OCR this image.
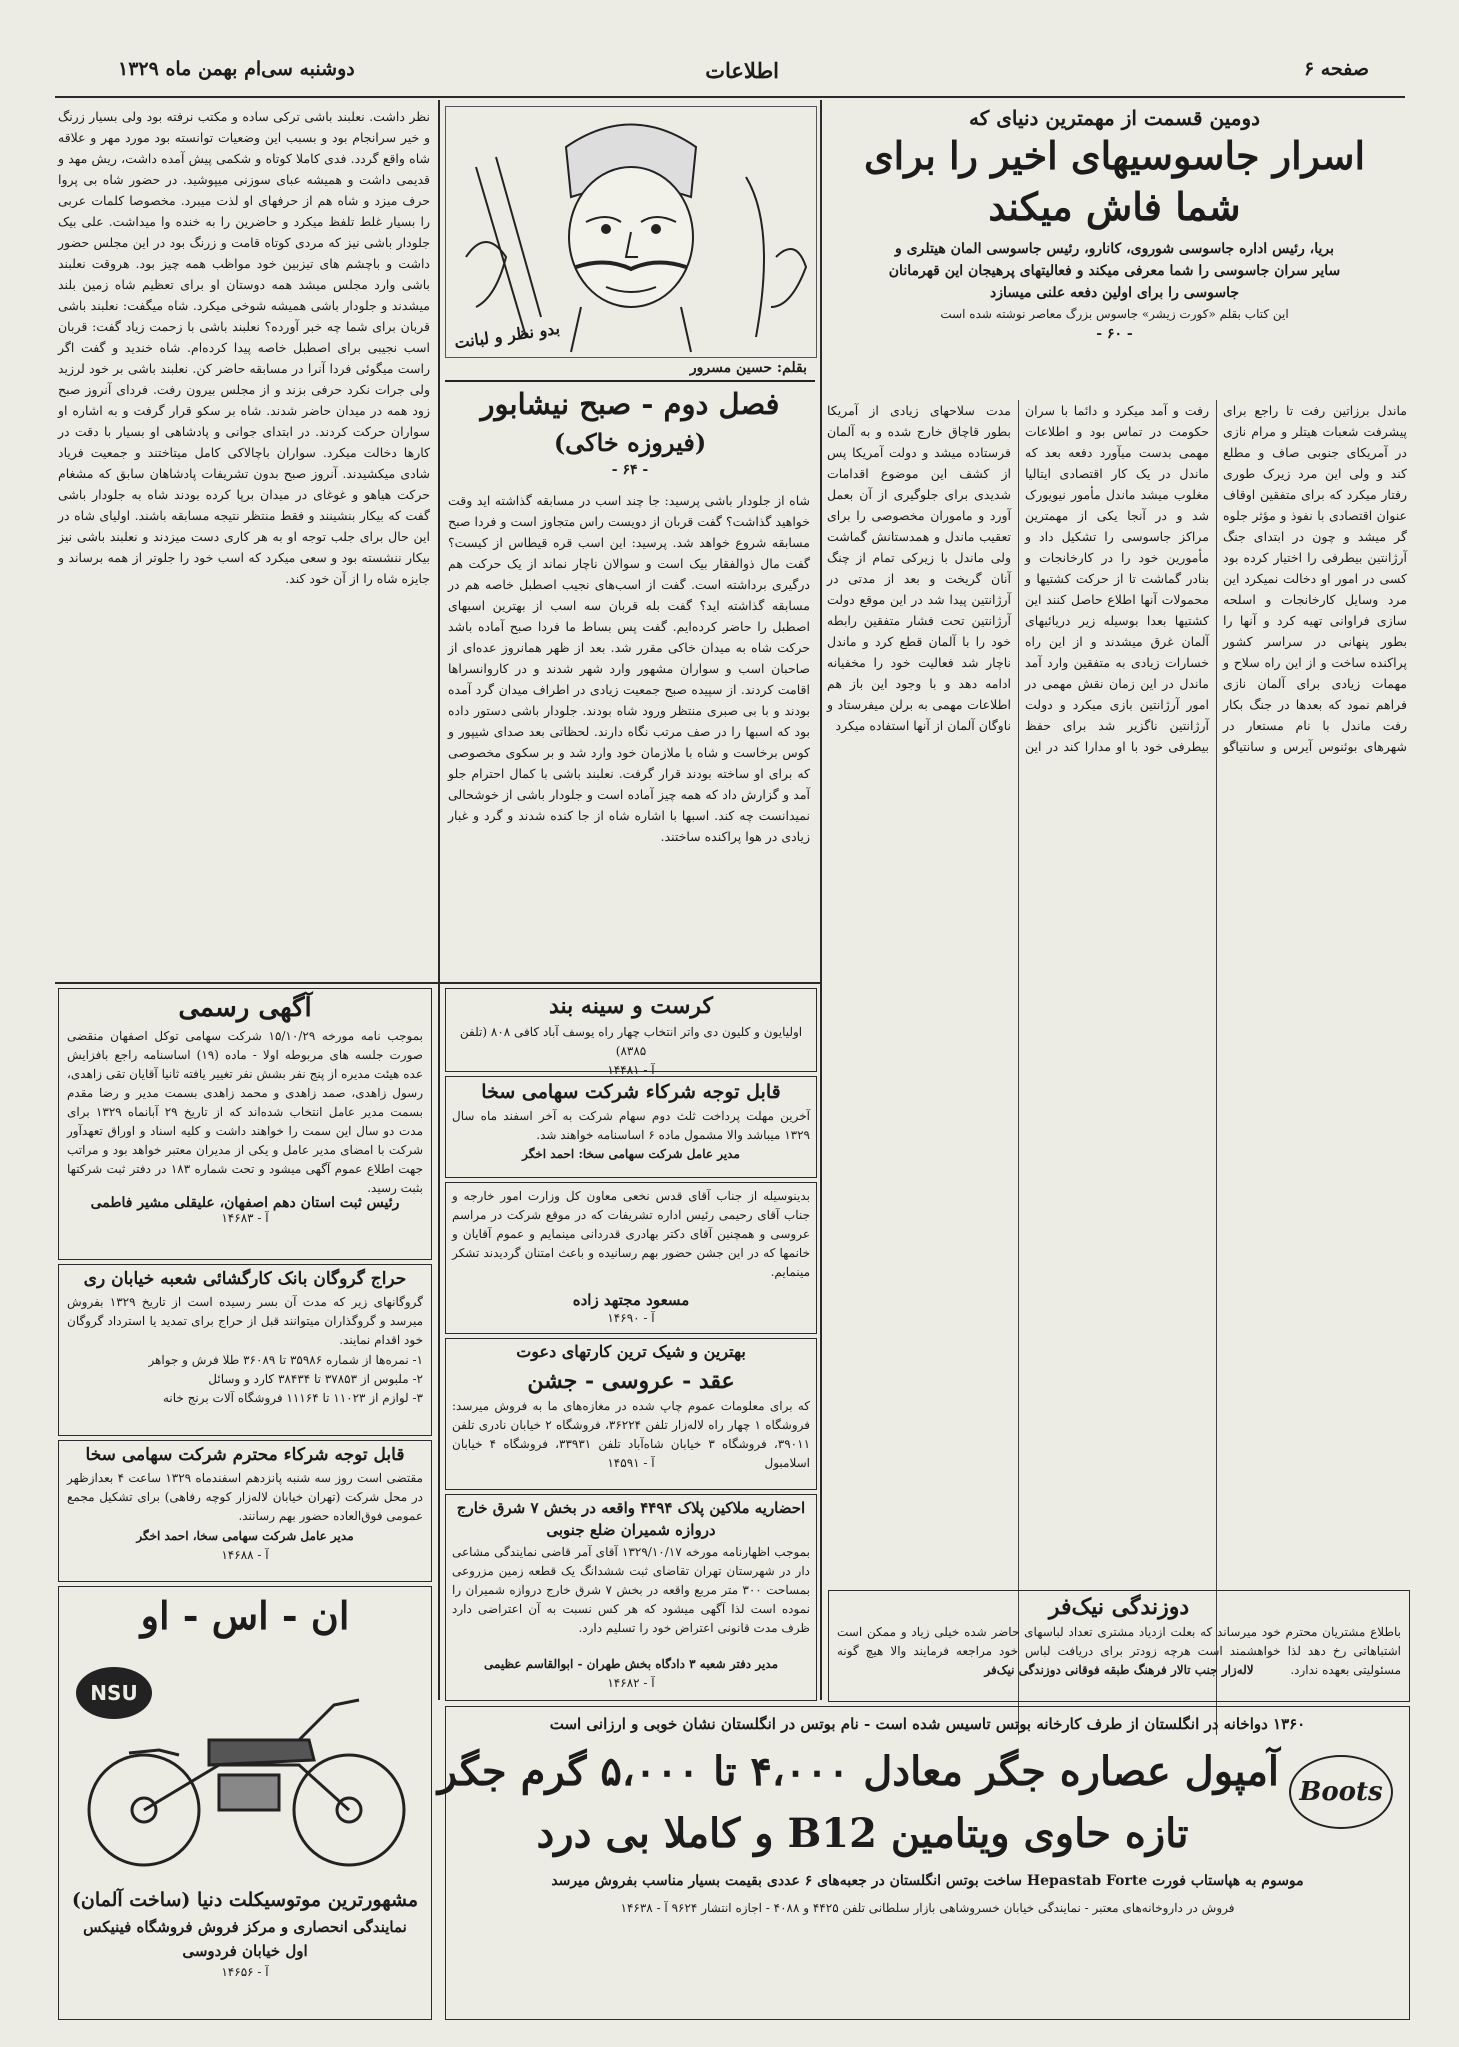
صفحه ۶
اطلاعات
دوشنبه سی‌ام بهمن ماه ۱۳۲۹
دومین قسمت از مهمترین دنیای که
اسرار جاسوسیهای اخیر را برای
شما فاش میکند
بریا، رئیس اداره جاسوسی شوروی، کانارو، رئیس جاسوسی المان هیتلری و
سایر سران جاسوسی را شما معرفی میکند و فعالیتهای پرهیجان این قهرمانان
جاسوسی را برای اولین دفعه علنی میسازد
این کتاب بقلم «کورت زیشر» جاسوس بزرگ معاصر نوشته شده است
- ۶۰ -
ماندل برزاتین رفت تا راجع برای پیشرفت شعبات هیتلر و مرام نازی در آمریکای جنوبی صاف و مطلع کند و ولی این مرد زیرک طوری رفتار میکرد که برای متفقین اوقاف عنوان اقتصادی با نفوذ و مؤثر جلوه گر میشد و چون در ابتدای جنگ آرژانتین بیطرفی را اختیار کرده بود کسی در امور او دخالت نمیکرد این مرد وسایل کارخانجات و اسلحه سازی فراوانی تهیه کرد و آنها را بطور پنهانی در سراسر کشور پراکنده ساخت و از این راه سلاح و مهمات زیادی برای آلمان نازی فراهم نمود که بعدها در جنگ بکار رفت ماندل با نام مستعار در شهرهای بوئنوس آیرس و سانتیاگو رفت و آمد میکرد و دائما با سران حکومت در تماس بود و اطلاعات مهمی بدست میآورد دفعه بعد که ماندل در یک کار اقتصادی ایتالیا مغلوب میشد ماندل مأمور نیویورک شد و در آنجا یکی از مهمترین مراکز جاسوسی را تشکیل داد و مأمورین خود را در کارخانجات و بنادر گماشت تا از حرکت کشتیها و محمولات آنها اطلاع حاصل کنند این کشتیها بعدا بوسیله زیر دریائیهای آلمان غرق میشدند و از این راه خسارات زیادی به متفقین وارد آمد ماندل در این زمان نقش مهمی در امور آرژانتین بازی میکرد و دولت آرژانتین ناگزیر شد برای حفظ بیطرفی خود با او مدارا کند در این مدت سلاحهای زیادی از آمریکا بطور قاچاق خارج شده و به آلمان فرستاده میشد و دولت آمریکا پس از کشف این موضوع اقدامات شدیدی برای جلوگیری از آن بعمل آورد و ماموران مخصوصی را برای تعقیب ماندل و همدستانش گماشت ولی ماندل با زیرکی تمام از چنگ آنان گریخت و بعد از مدتی در آرژانتین پیدا شد در این موقع دولت آرژانتین تحت فشار متفقین رابطه خود را با آلمان قطع کرد و ماندل ناچار شد فعالیت خود را مخفیانه ادامه دهد و با وجود این باز هم اطلاعات مهمی به برلن میفرستاد و ناوگان آلمان از آنها استفاده میکرد
بدو نظر و لبانت
بقلم: حسین مسرور
فصل دوم - صبح نیشابور
(فیروزه خاکی)
- ۶۴ -
شاه از جلودار باشی پرسید: جا چند اسب در مسابقه گذاشته اید وقت خواهید گذاشت؟ گفت قربان از دویست راس متجاوز است و فردا صبح مسابقه شروع خواهد شد. پرسید: این اسب قره قیطاس از کیست؟ گفت مال ذوالفقار بیک است و سوالان ناچار نماند از یک حرکت هم درگیری برداشته است. گفت از اسب‌های نجیب اصطبل خاصه هم در مسابقه گذاشته اید؟ گفت بله قربان سه اسب از بهترین اسبهای اصطبل را حاضر کرده‌ایم. گفت پس بساط ما فردا صبح آماده باشد حرکت شاه به میدان خاکی مقرر شد. بعد از ظهر همانروز عده‌ای از صاحبان اسب و سواران مشهور وارد شهر شدند و در کاروانسراها اقامت کردند. از سپیده صبح جمعیت زیادی در اطراف میدان گرد آمده بودند و با بی صبری منتظر ورود شاه بودند. جلودار باشی دستور داده بود که اسبها را در صف مرتب نگاه دارند. لحظاتی بعد صدای شیپور و کوس برخاست و شاه با ملازمان خود وارد شد و بر سکوی مخصوصی که برای او ساخته بودند قرار گرفت. نعلبند باشی با کمال احترام جلو آمد و گزارش داد که همه چیز آماده است و جلودار باشی از خوشحالی نمیدانست چه کند. اسبها با اشاره شاه از جا کنده شدند و گرد و غبار زیادی در هوا پراکنده ساختند.
نظر داشت. نعلبند باشی ترکی ساده و مکتب نرفته بود ولی بسیار زرنگ و خیر سرانجام بود و بسبب این وضعیات توانسته بود مورد مهر و علاقه شاه واقع گردد. فدی کاملا کوتاه و شکمی پیش آمده داشت، ریش مهد و قدیمی داشت و همیشه عبای سوزنی میپوشید. در حضور شاه بی پروا حرف میزد و شاه هم از حرفهای او لذت میبرد. مخصوصا کلمات عربی را بسیار غلط تلفظ میکرد و حاضرین را به خنده وا میداشت. علی بیک جلودار باشی نیز که مردی کوتاه قامت و زرنگ بود در این مجلس حضور داشت و باچشم های تیزبین خود مواظب همه چیز بود. هروقت نعلبند باشی وارد مجلس میشد همه دوستان او برای تعظیم شاه زمین بلند میشدند و جلودار باشی همیشه شوخی میکرد. شاه میگفت: نعلبند باشی قربان برای شما چه خبر آورده؟ نعلبند باشی با زحمت زیاد گفت: قربان اسب نجیبی برای اصطبل خاصه پیدا کرده‌ام. شاه خندید و گفت اگر راست میگوئی فردا آنرا در مسابقه حاضر کن. نعلبند باشی بر خود لرزید ولی جرات نکرد حرفی بزند و از مجلس بیرون رفت. فردای آنروز صبح زود همه در میدان حاضر شدند. شاه بر سکو قرار گرفت و به اشاره او سواران حرکت کردند. در ابتدای جوانی و پادشاهی او بسیار با دقت در کارها دخالت میکرد. سواران باچالاکی کامل میتاختند و جمعیت فریاد شادی میکشیدند. آنروز صبح بدون تشریفات پادشاهان سابق که مشغام حرکت هیاهو و غوغای در میدان برپا کرده بودند شاه به جلودار باشی گفت که بیکار بنشینند و فقط منتظر نتیجه مسابقه باشند. اولیای شاه در این حال برای جلب توجه او به هر کاری دست میزدند و نعلبند باشی نیز بیکار ننشسته بود و سعی میکرد که اسب خود را جلوتر از همه برساند و جایزه شاه را از آن خود کند.
آگهی رسمی
بموجب نامه مورخه ۱۵/۱۰/۲۹ شرکت سهامی توکل اصفهان منقضی صورت جلسه های مربوطه اولا - ماده (۱۹) اساسنامه راجع بافزایش عده هیئت مدیره از پنج نفر بشش نفر تغییر یافته ثانیا آقایان تقی زاهدی، رسول زاهدی، صمد زاهدی و محمد زاهدی بسمت مدیر و رضا مقدم بسمت مدیر عامل انتخاب شده‌اند که از تاریخ ۲۹ آبانماه ۱۳۲۹ برای مدت دو سال این سمت را خواهند داشت و کلیه اسناد و اوراق تعهدآور شرکت با امضای مدیر عامل و یکی از مدیران معتبر خواهد بود و مراتب جهت اطلاع عموم آگهی میشود و تحت شماره ۱۸۳ در دفتر ثبت شرکتها بثبت رسید.
رئیس ثبت استان دهم اصفهان، علیقلی مشیر فاطمی
آ - ۱۴۶۸۳
حراج گروگان بانک کارگشائی شعبه خیابان ری
گروگانهای زیر که مدت آن بسر رسیده است از تاریخ ۱۳۲۹ بفروش میرسد و گروگذاران میتوانند قبل از حراج برای تمدید یا استرداد گروگان خود اقدام نمایند.
۱- نمره‌ها از شماره ۳۵۹۸۶ تا ۳۶۰۸۹ طلا فرش و جواهر
۲- ملبوس از ۳۷۸۵۳ تا ۳۸۴۳۴ کارد و وسائل
۳- لوازم از ۱۱۰۲۳ تا ۱۱۱۶۴ فروشگاه آلات برنج خانه
قابل توجه شرکاء محترم شرکت سهامی سخا
مقتضی است روز سه شنبه پانزدهم اسفندماه ۱۳۲۹ ساعت ۴ بعدازظهر در محل شرکت (تهران خیابان لاله‌زار کوچه رفاهی) برای تشکیل مجمع عمومی فوق‌العاده حضور بهم رسانند.
مدیر عامل شرکت سهامی سخا، احمد اخگر
آ - ۱۴۶۸۸
ان - اس - او
NSU
مشهورترین موتوسیکلت دنیا (ساخت آلمان)
نمایندگی انحصاری و مرکز فروش فروشگاه فینیکس
اول خیابان فردوسی
آ - ۱۴۶۵۶
کرست و سینه بند
اولیایون و کلیون دی واتر انتخاب چهار راه یوسف آباد کافی ۸۰۸ (تلفن ۸۳۸۵)
آ - ۱۴۴۸۱
قابل توجه شرکاء شرکت سهامی سخا
آخرین مهلت پرداخت ثلث دوم سهام شرکت به آخر اسفند ماه سال ۱۳۲۹ میباشد والا مشمول ماده ۶ اساسنامه خواهند شد.
مدیر عامل شرکت سهامی سخا: احمد اخگر
بدینوسیله از جناب آقای قدس نخعی معاون کل وزارت امور خارجه و جناب آقای رحیمی رئیس اداره تشریفات که در موقع شرکت در مراسم عروسی و همچنین آقای دکتر بهادری قدردانی مینمایم و عموم آقایان و خانمها که در این جشن حضور بهم رسانیده و باعث امتنان گردیدند تشکر مینمایم.
مسعود مجتهد زاده
آ - ۱۴۶۹۰
بهترین و شیک ترین کارتهای دعوت
عقد - عروسی - جشن
که برای معلومات عموم چاپ شده در مغازه‌های ما به فروش میرسد: فروشگاه ۱ چهار راه لاله‌زار تلفن ۳۶۲۲۴، فروشگاه ۲ خیابان نادری تلفن ۳۹۰۱۱، فروشگاه ۳ خیابان شاه‌آباد تلفن ۳۳۹۳۱، فروشگاه ۴ خیابان اسلامبول
آ - ۱۴۵۹۱
احضاریه ملاکین پلاک ۴۴۹۴ واقعه در بخش ۷ شرق خارج دروازه شمیران ضلع جنوبی
بموجب اظهارنامه مورخه ۱۳۲۹/۱۰/۱۷ آقای آمر قاضی نمایندگی مشاعی دار در شهرستان تهران تقاضای ثبت ششدانگ یک قطعه زمین مزروعی بمساحت ۳۰۰ متر مربع واقعه در بخش ۷ شرق خارج دروازه شمیران را نموده است لذا آگهی میشود که هر کس نسبت به آن اعتراضی دارد ظرف مدت قانونی اعتراض خود را تسلیم دارد.
مدیر دفتر شعبه ۳ دادگاه بخش طهران - ابوالقاسم عظیمی
آ - ۱۴۶۸۲
دوزندگی نیک‌فر
باطلاع مشتریان محترم خود میرساند که بعلت ازدیاد مشتری تعداد لباسهای حاضر شده خیلی زیاد و ممکن است اشتباهاتی رخ دهد لذا خواهشمند است هرچه زودتر برای دریافت لباس خود مراجعه فرمایند والا هیچ گونه مسئولیتی بعهده ندارد.
لاله‌زار جنب تالار فرهنگ طبقه فوقانی دوزندگی نیک‌فر
۱۳۶۰ دواخانه در انگلستان از طرف کارخانه بوتس تاسیس شده است - نام بوتس در انگلستان نشان خوبی و ارزانی است
آمپول عصاره جگر معادل ۴،۰۰۰ تا ۵،۰۰۰ گرم جگر
تازه حاوی ویتامین B12 و کاملا بی درد
موسوم به هپاستاب فورت Hepastab Forte ساخت بوتس انگلستان در جعبه‌های ۶ عددی بقیمت بسیار مناسب بفروش میرسد
فروش در داروخانه‌های معتبر - نمایندگی خیابان خسروشاهی بازار سلطانی تلفن ۴۴۲۵ و ۴۰۸۸ - اجازه انتشار ۹۶۲۴ آ - ۱۴۶۳۸
Boots
